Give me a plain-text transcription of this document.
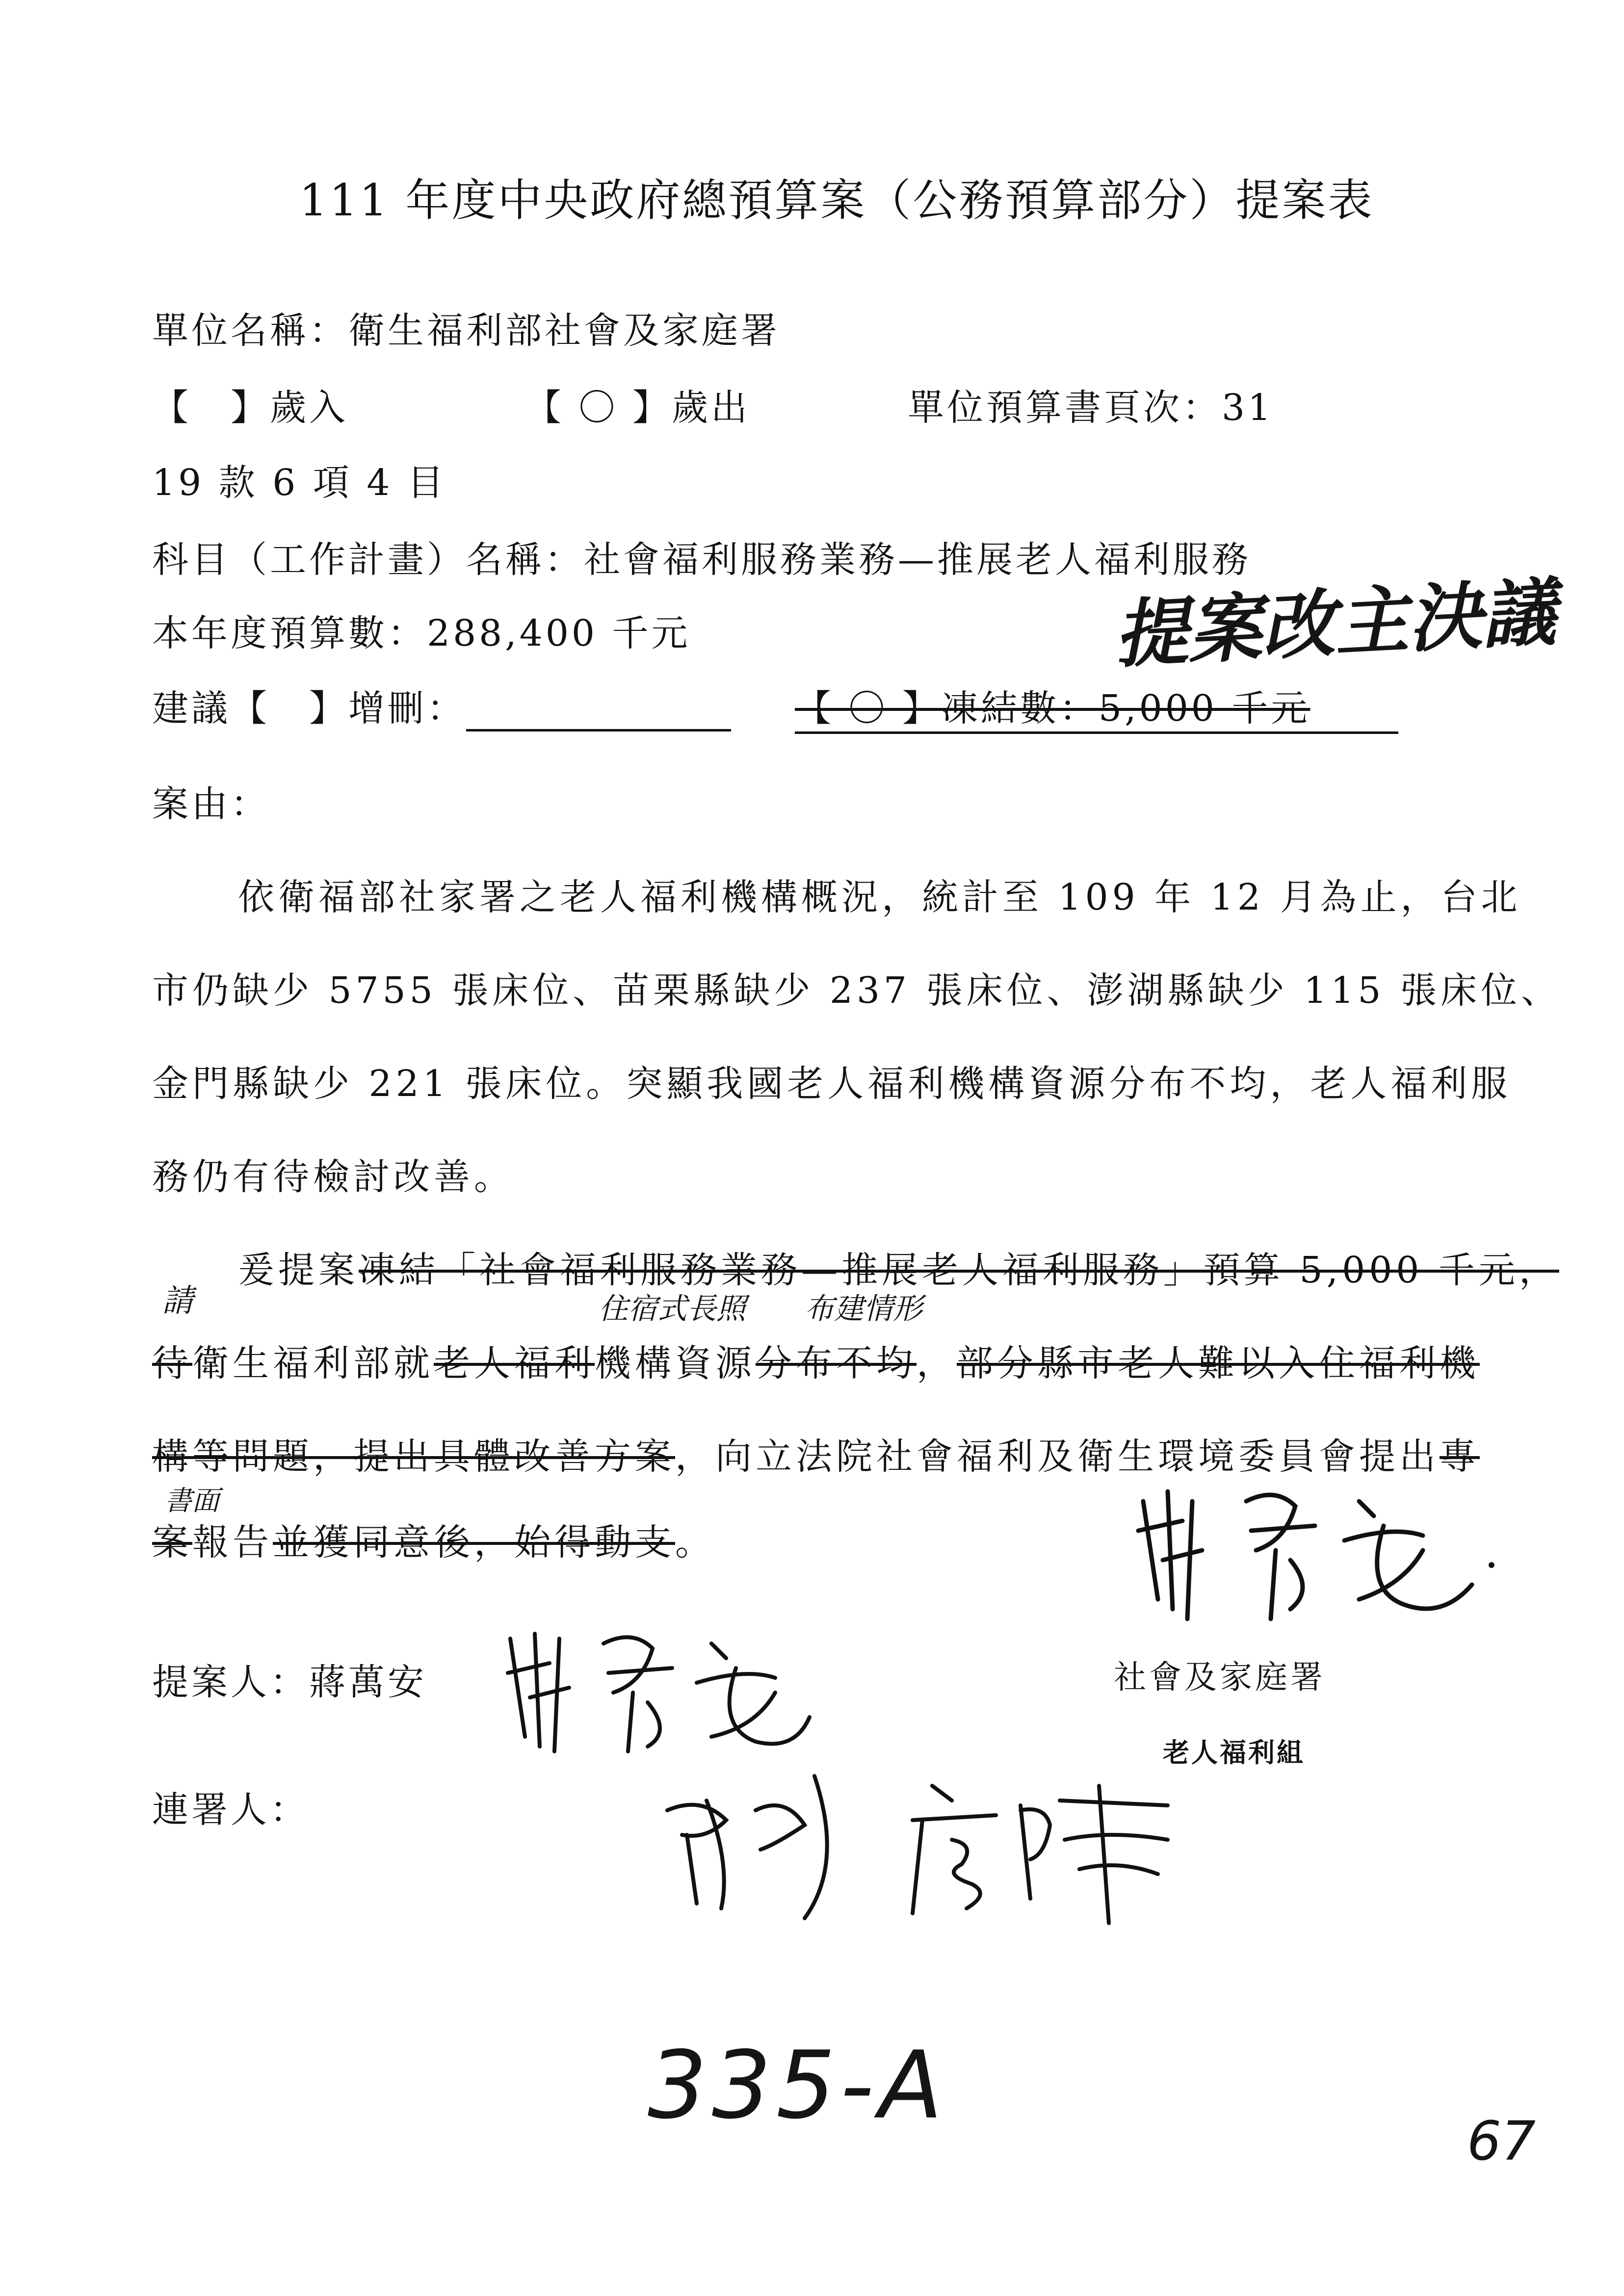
111 年度中央政府總預算案（公務預算部分）提案表
單位名稱：衛生福利部社會及家庭署
【　】歲入	【 〇 】歲出	單位預算書頁次：31
19 款 6 項 4 目
科目（工作計畫）名稱：社會福利服務業務—推展老人福利服務
本年度預算數：288,400 千元	提案改主決議
建議【　】增刪：	【 〇 】凍結數：5,000 千元
案由：
依衛福部社家署之老人福利機構概況，統計至 109 年 12 月為止，台北
市仍缺少 5755 張床位、苗栗縣缺少 237 張床位、澎湖縣缺少 115 張床位、
金門縣缺少 221 張床位。突顯我國老人福利機構資源分布不均，老人福利服
務仍有待檢討改善。
爰提案凍結「社會福利服務業務—推展老人福利服務」預算 5,000 千元，
請	住宿式長照 布建情形
待衛生福利部就老人福利機構資源分布不均，部分縣市老人難以入住福利機
構等問題，提出具體改善方案，向立法院社會福利及衛生環境委員會提出專
書面
案報告並獲同意後，始得動支。
提案人：蔣萬安	社會及家庭署
老人福利組
連署人：
335-A
67
